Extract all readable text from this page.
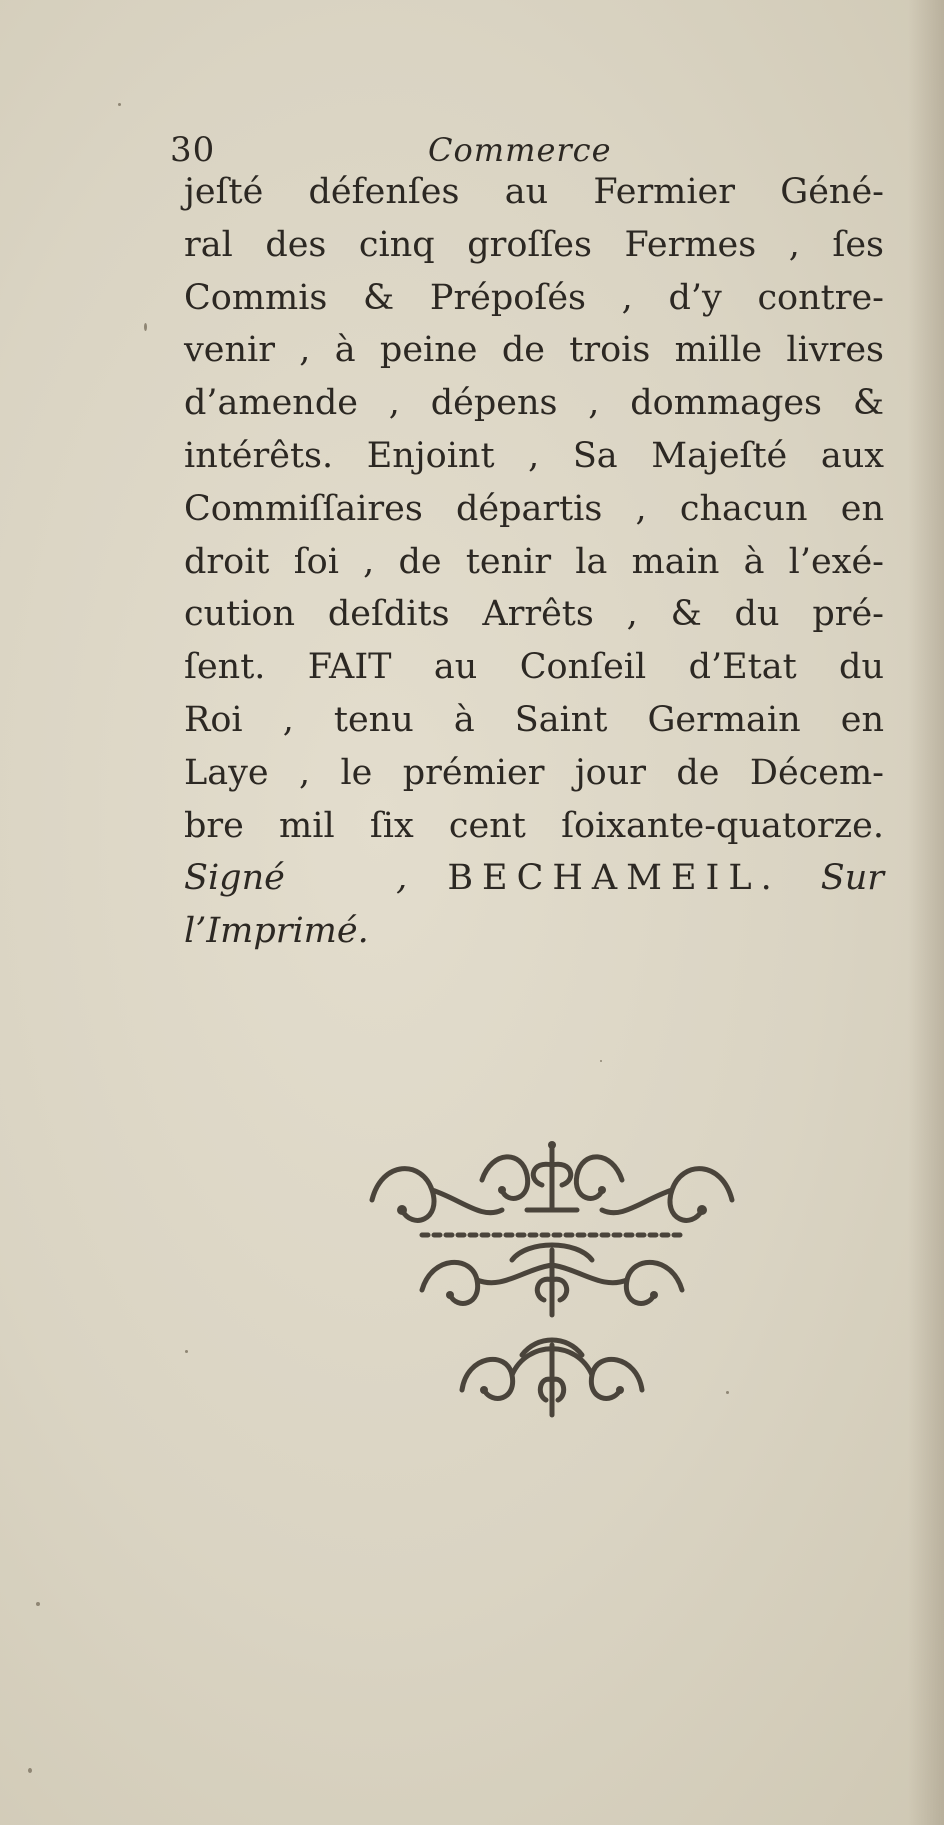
30	Commerce
jeſté défenſes au Fermier Géné-
ral des cinq groſſes Fermes , ſes
Commis & Prépoſés , d’y contre-
venir , à peine de trois mille livres
d’amende , dépens , dommages &
intérêts. Enjoint , Sa Majeſté aux
Commiſſaires départis , chacun en
droit ſoi , de tenir la main à l’exé-
cution deſdits Arrêts , & du pré-
ſent. FAIT au Conſeil d’Etat du
Roi , tenu à Saint Germain en
Laye , le prémier jour de Décem-
bre mil ſix cent ſoixante-quatorze.
Signé , BECHAMEIL. Sur
l’Imprimé.
